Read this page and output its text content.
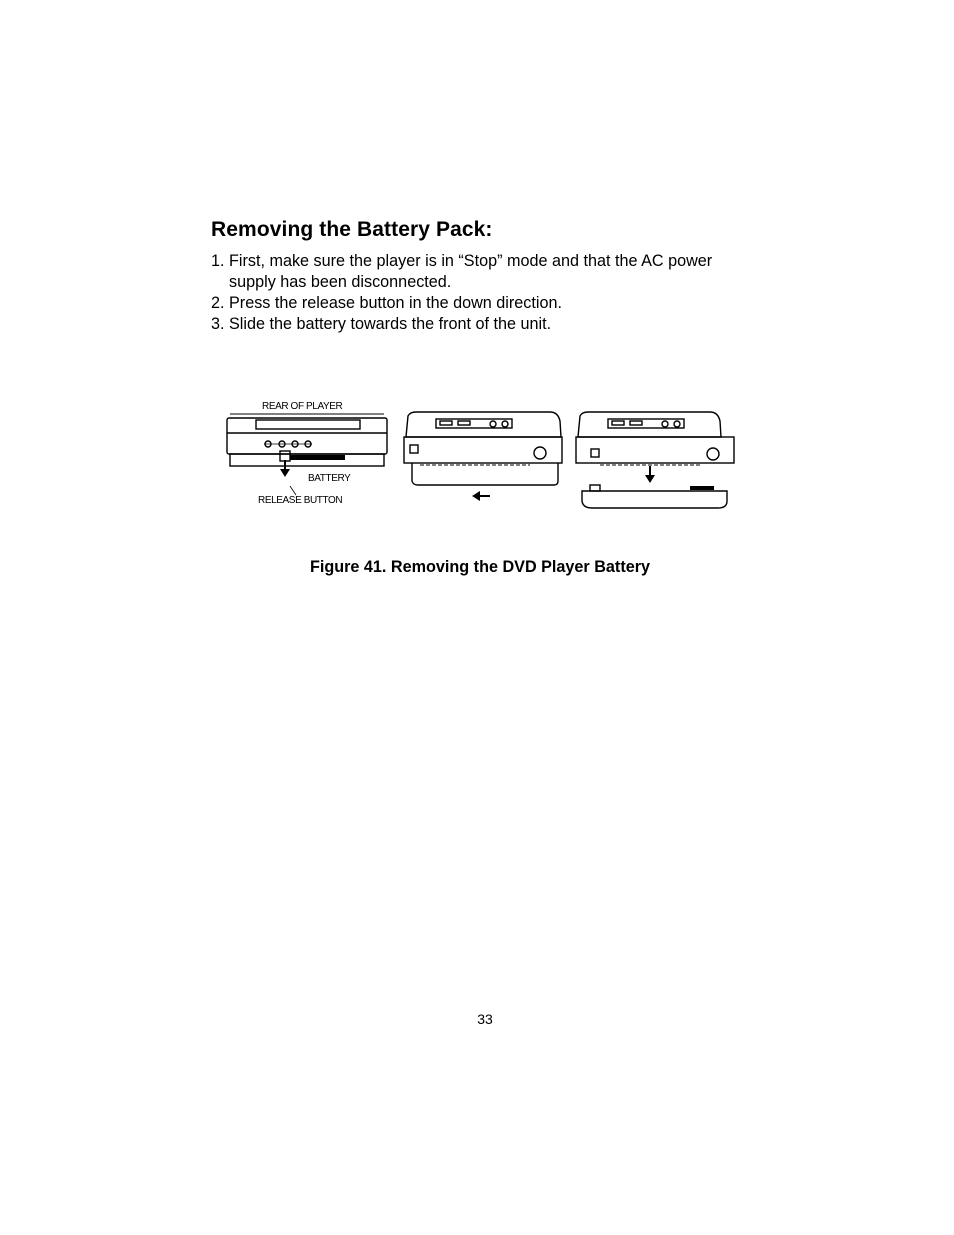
Removing the Battery Pack:
1. First, make sure the player is in “Stop” mode and that the AC power
supply has been disconnected.
2. Press the release button in the down direction.
3. Slide the battery towards the front of the unit.
REAR OF PLAYER
BATTERY
RELEASE BUTTON

Figure 41. Removing the DVD Player Battery

33
